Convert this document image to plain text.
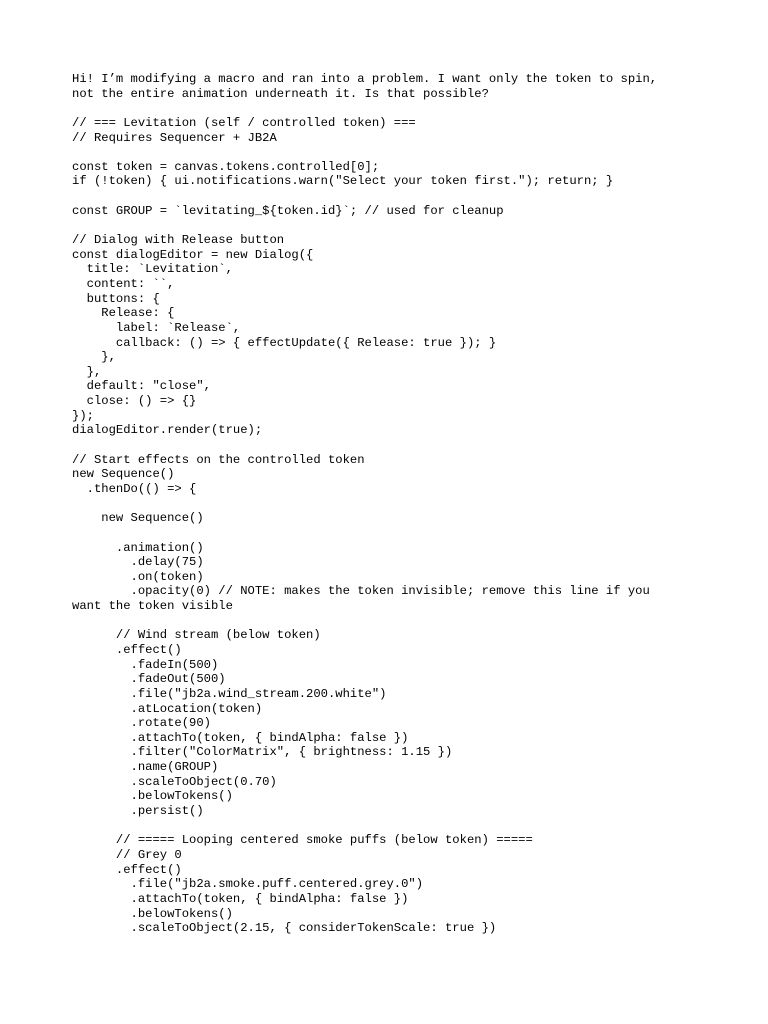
Hi! I’m modifying a macro and ran into a problem. I want only the token to spin,
not the entire animation underneath it. Is that possible?
// === Levitation (self / controlled token) ===
// Requires Sequencer + JB2A
const token = canvas.tokens.controlled[0];
if (!token) { ui.notifications.warn("Select your token first."); return; }
const GROUP = `levitating_${token.id}`; // used for cleanup
// Dialog with Release button
const dialogEditor = new Dialog({
title: `Levitation`,
content: ``,
buttons: {
Release: {
label: `Release`,
callback: () => { effectUpdate({ Release: true }); }
},
},
default: "close",
close: () => {}
});
dialogEditor.render(true);
// Start effects on the controlled token
new Sequence()
.thenDo(() => {
new Sequence()
.animation()
.delay(75)
.on(token)
.opacity(0) // NOTE: makes the token invisible; remove this line if you
want the token visible
// Wind stream (below token)
.effect()
.fadeIn(500)
.fadeOut(500)
.file("jb2a.wind_stream.200.white")
.atLocation(token)
.rotate(90)
.attachTo(token, { bindAlpha: false })
.filter("ColorMatrix", { brightness: 1.15 })
.name(GROUP)
.scaleToObject(0.70)
.belowTokens()
.persist()
// ===== Looping centered smoke puffs (below token) =====
// Grey 0
.effect()
.file("jb2a.smoke.puff.centered.grey.0")
.attachTo(token, { bindAlpha: false })
.belowTokens()
.scaleToObject(2.15, { considerTokenScale: true })
